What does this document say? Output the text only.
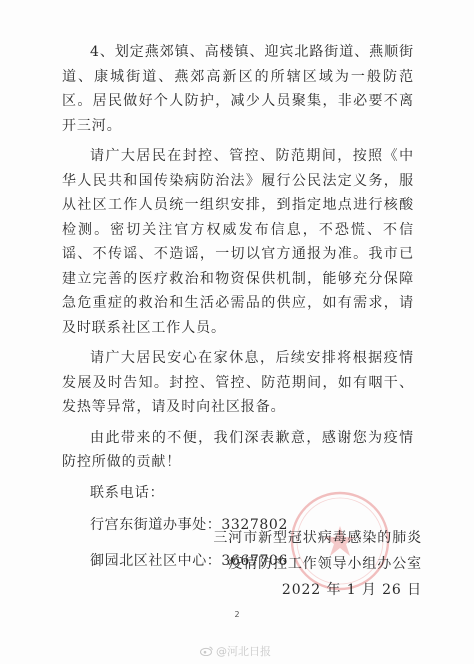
4、划定燕郊镇、高楼镇、迎宾北路街道、燕顺街道、康城街道、燕郊高新区的所辖区域为一般防范区。居民做好个人防护，减少人员聚集，非必要不离开三河。

请广大居民在封控、管控、防范期间，按照《中华人民共和国传染病防治法》履行公民法定义务，服从社区工作人员统一组织安排，到指定地点进行核酸检测。密切关注官方权威发布信息，不恐慌、不信谣、不传谣、不造谣，一切以官方通报为准。我市已建立完善的医疗救治和物资保供机制，能够充分保障急危重症的救治和生活必需品的供应，如有需求，请及时联系社区工作人员。

请广大居民安心在家休息，后续安排将根据疫情发展及时告知。封控、管控、防范期间，如有咽干、发热等异常，请及时向社区报备。

由此带来的不便，我们深表歉意，感谢您为疫情防控所做的贡献！

联系电话：
行宫东街道办事处：3327802
御园北区社区中心：3667706
三河市新型冠状病毒感染的肺炎
疫情防控工作领导小组办公室
2022 年 1 月 26 日
2
@河北日报
